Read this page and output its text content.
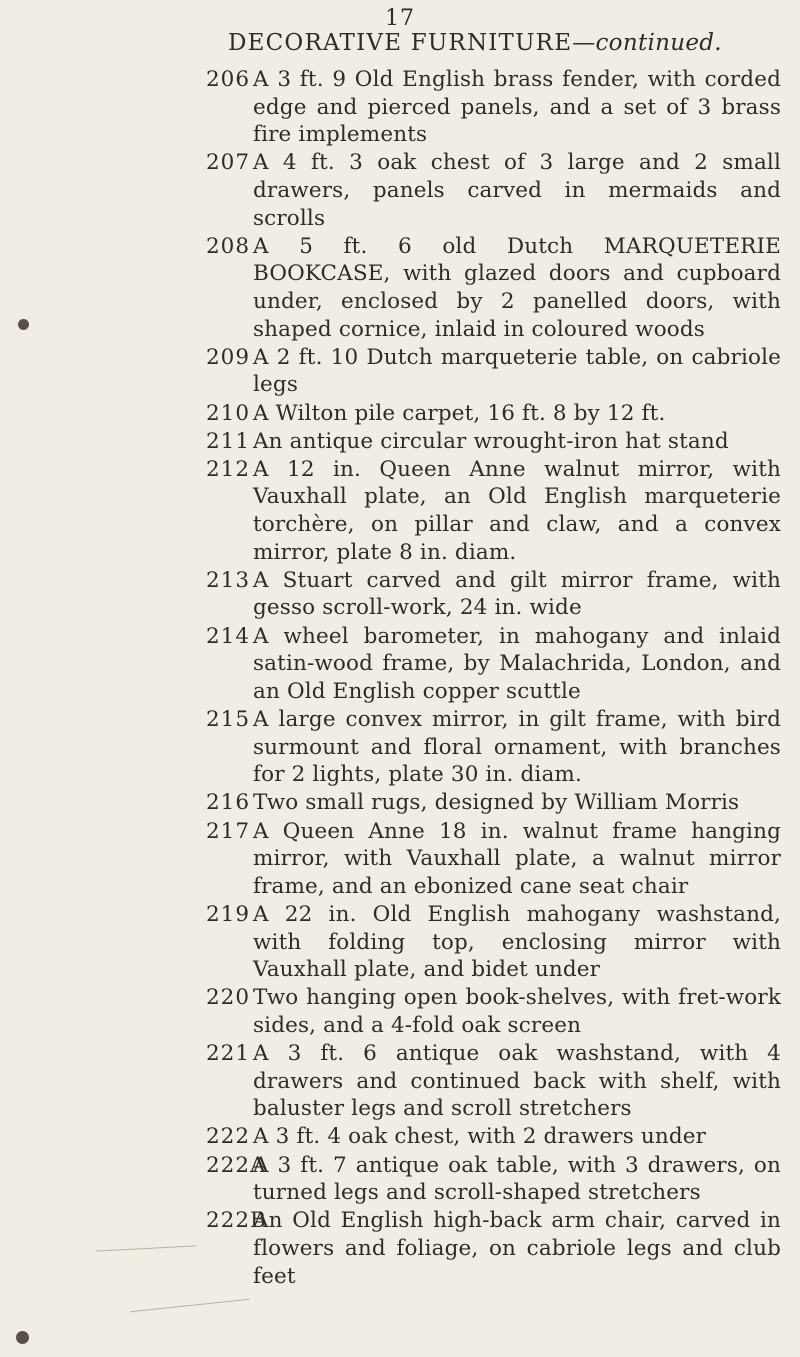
17
DECORATIVE FURNITURE—continued.
206 A 3 ft. 9 Old English brass fender, with corded edge and pierced panels, and a set of 3 brass fire implements
207 A 4 ft. 3 oak chest of 3 large and 2 small drawers, panels carved in mermaids and scrolls
208 A 5 ft. 6 old Dutch MARQUETERIE BOOKCASE, with glazed doors and cupboard under, enclosed by 2 panelled doors, with shaped cornice, inlaid in coloured woods
209 A 2 ft. 10 Dutch marqueterie table, on cabriole legs
210 A Wilton pile carpet, 16 ft. 8 by 12 ft.
211 An antique circular wrought-iron hat stand
212 A 12 in. Queen Anne walnut mirror, with Vauxhall plate, an Old English marqueterie torchère, on pillar and claw, and a convex mirror, plate 8 in. diam.
213 A Stuart carved and gilt mirror frame, with gesso scroll-work, 24 in. wide
214 A wheel barometer, in mahogany and inlaid satin-wood frame, by Malachrida, London, and an Old English copper scuttle
215 A large convex mirror, in gilt frame, with bird surmount and floral ornament, with branches for 2 lights, plate 30 in. diam.
216 Two small rugs, designed by William Morris
217 A Queen Anne 18 in. walnut frame hanging mirror, with Vauxhall plate, a walnut mirror frame, and an ebonized cane seat chair
219 A 22 in. Old English mahogany washstand, with folding top, enclosing mirror with Vauxhall plate, and bidet under
220 Two hanging open book-shelves, with fret-work sides, and a 4-fold oak screen
221 A 3 ft. 6 antique oak washstand, with 4 drawers and continued back with shelf, with baluster legs and scroll stretchers
222 A 3 ft. 4 oak chest, with 2 drawers under
222A
A 3 ft. 7 antique oak table, with 3 drawers, on turned legs and scroll-shaped stretchers
222B
An Old English high-back arm chair, carved in flowers and foliage, on cabriole legs and club feet
